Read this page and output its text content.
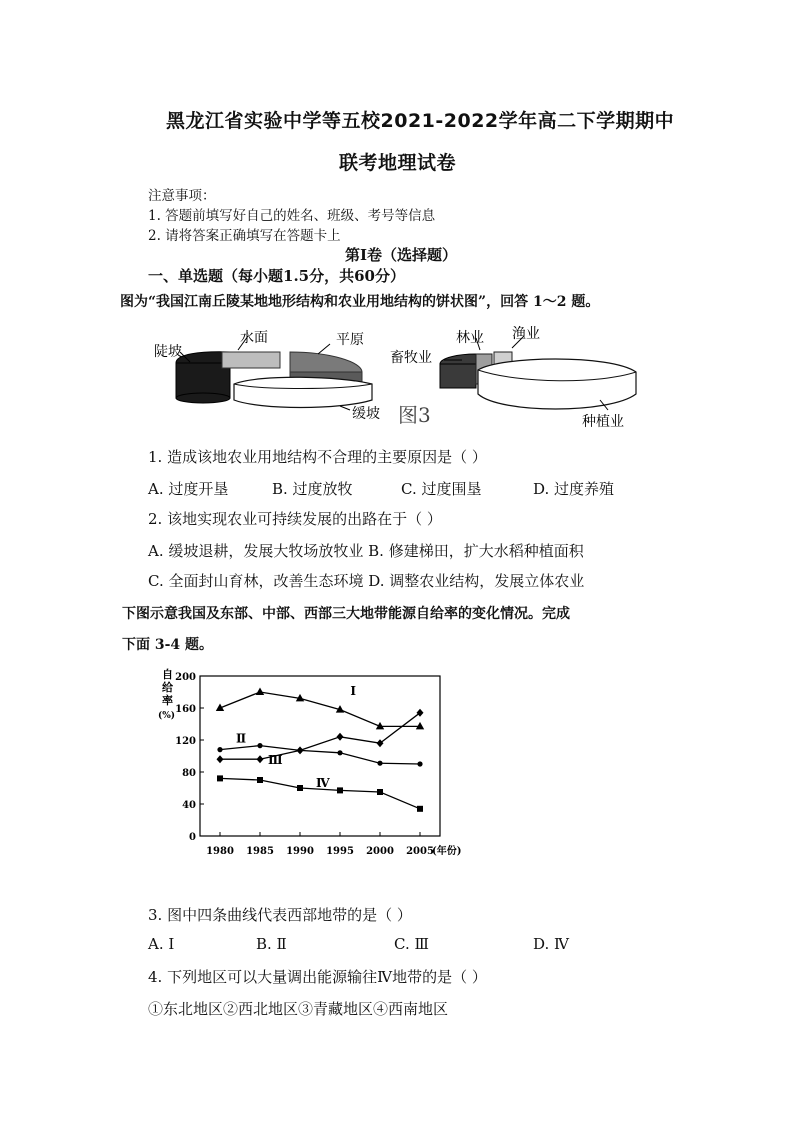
黑龙江省实验中学等五校2021-2022学年高二下学期期中
联考地理试卷
注意事项：
1. 答题前填写好自己的姓名、班级、考号等信息
2. 请将答案正确填写在答题卡上
第Ⅰ卷（选择题）
一、单选题（每小题1.5分，共60分）
图为“我国江南丘陵某地地形结构和农业用地结构的饼状图”，回答 1～2 题。
陡坡
水面	平原
缓坡
林业 渔业
畜牧业
种植业
图3
1. 造成该地农业用地结构不合理的主要原因是（ ）
A. 过度开垦	B. 过度放牧	C. 过度围垦	D. 过度养殖
2. 该地实现农业可持续发展的出路在于（ ）
A. 缓坡退耕，发展大牧场放牧业 B. 修建梯田，扩大水稻种植面积
C. 全面封山育林，改善生态环境 D. 调整农业结构，发展立体农业
下图示意我国及东部、中部、西部三大地带能源自给率的变化情况。完成
下面 3-4 题。
0
40
80
120
160
200
1980 1985 1990 1995 2000 2005
(年份)
自
给
率
(%)
Ⅰ
Ⅱ
Ⅲ
Ⅳ
3. 图中四条曲线代表西部地带的是（ ）
A. Ⅰ	B. Ⅱ	C. Ⅲ	D. Ⅳ
4. 下列地区可以大量调出能源输往Ⅳ地带的是（ ）
①东北地区②西北地区③青藏地区④西南地区
